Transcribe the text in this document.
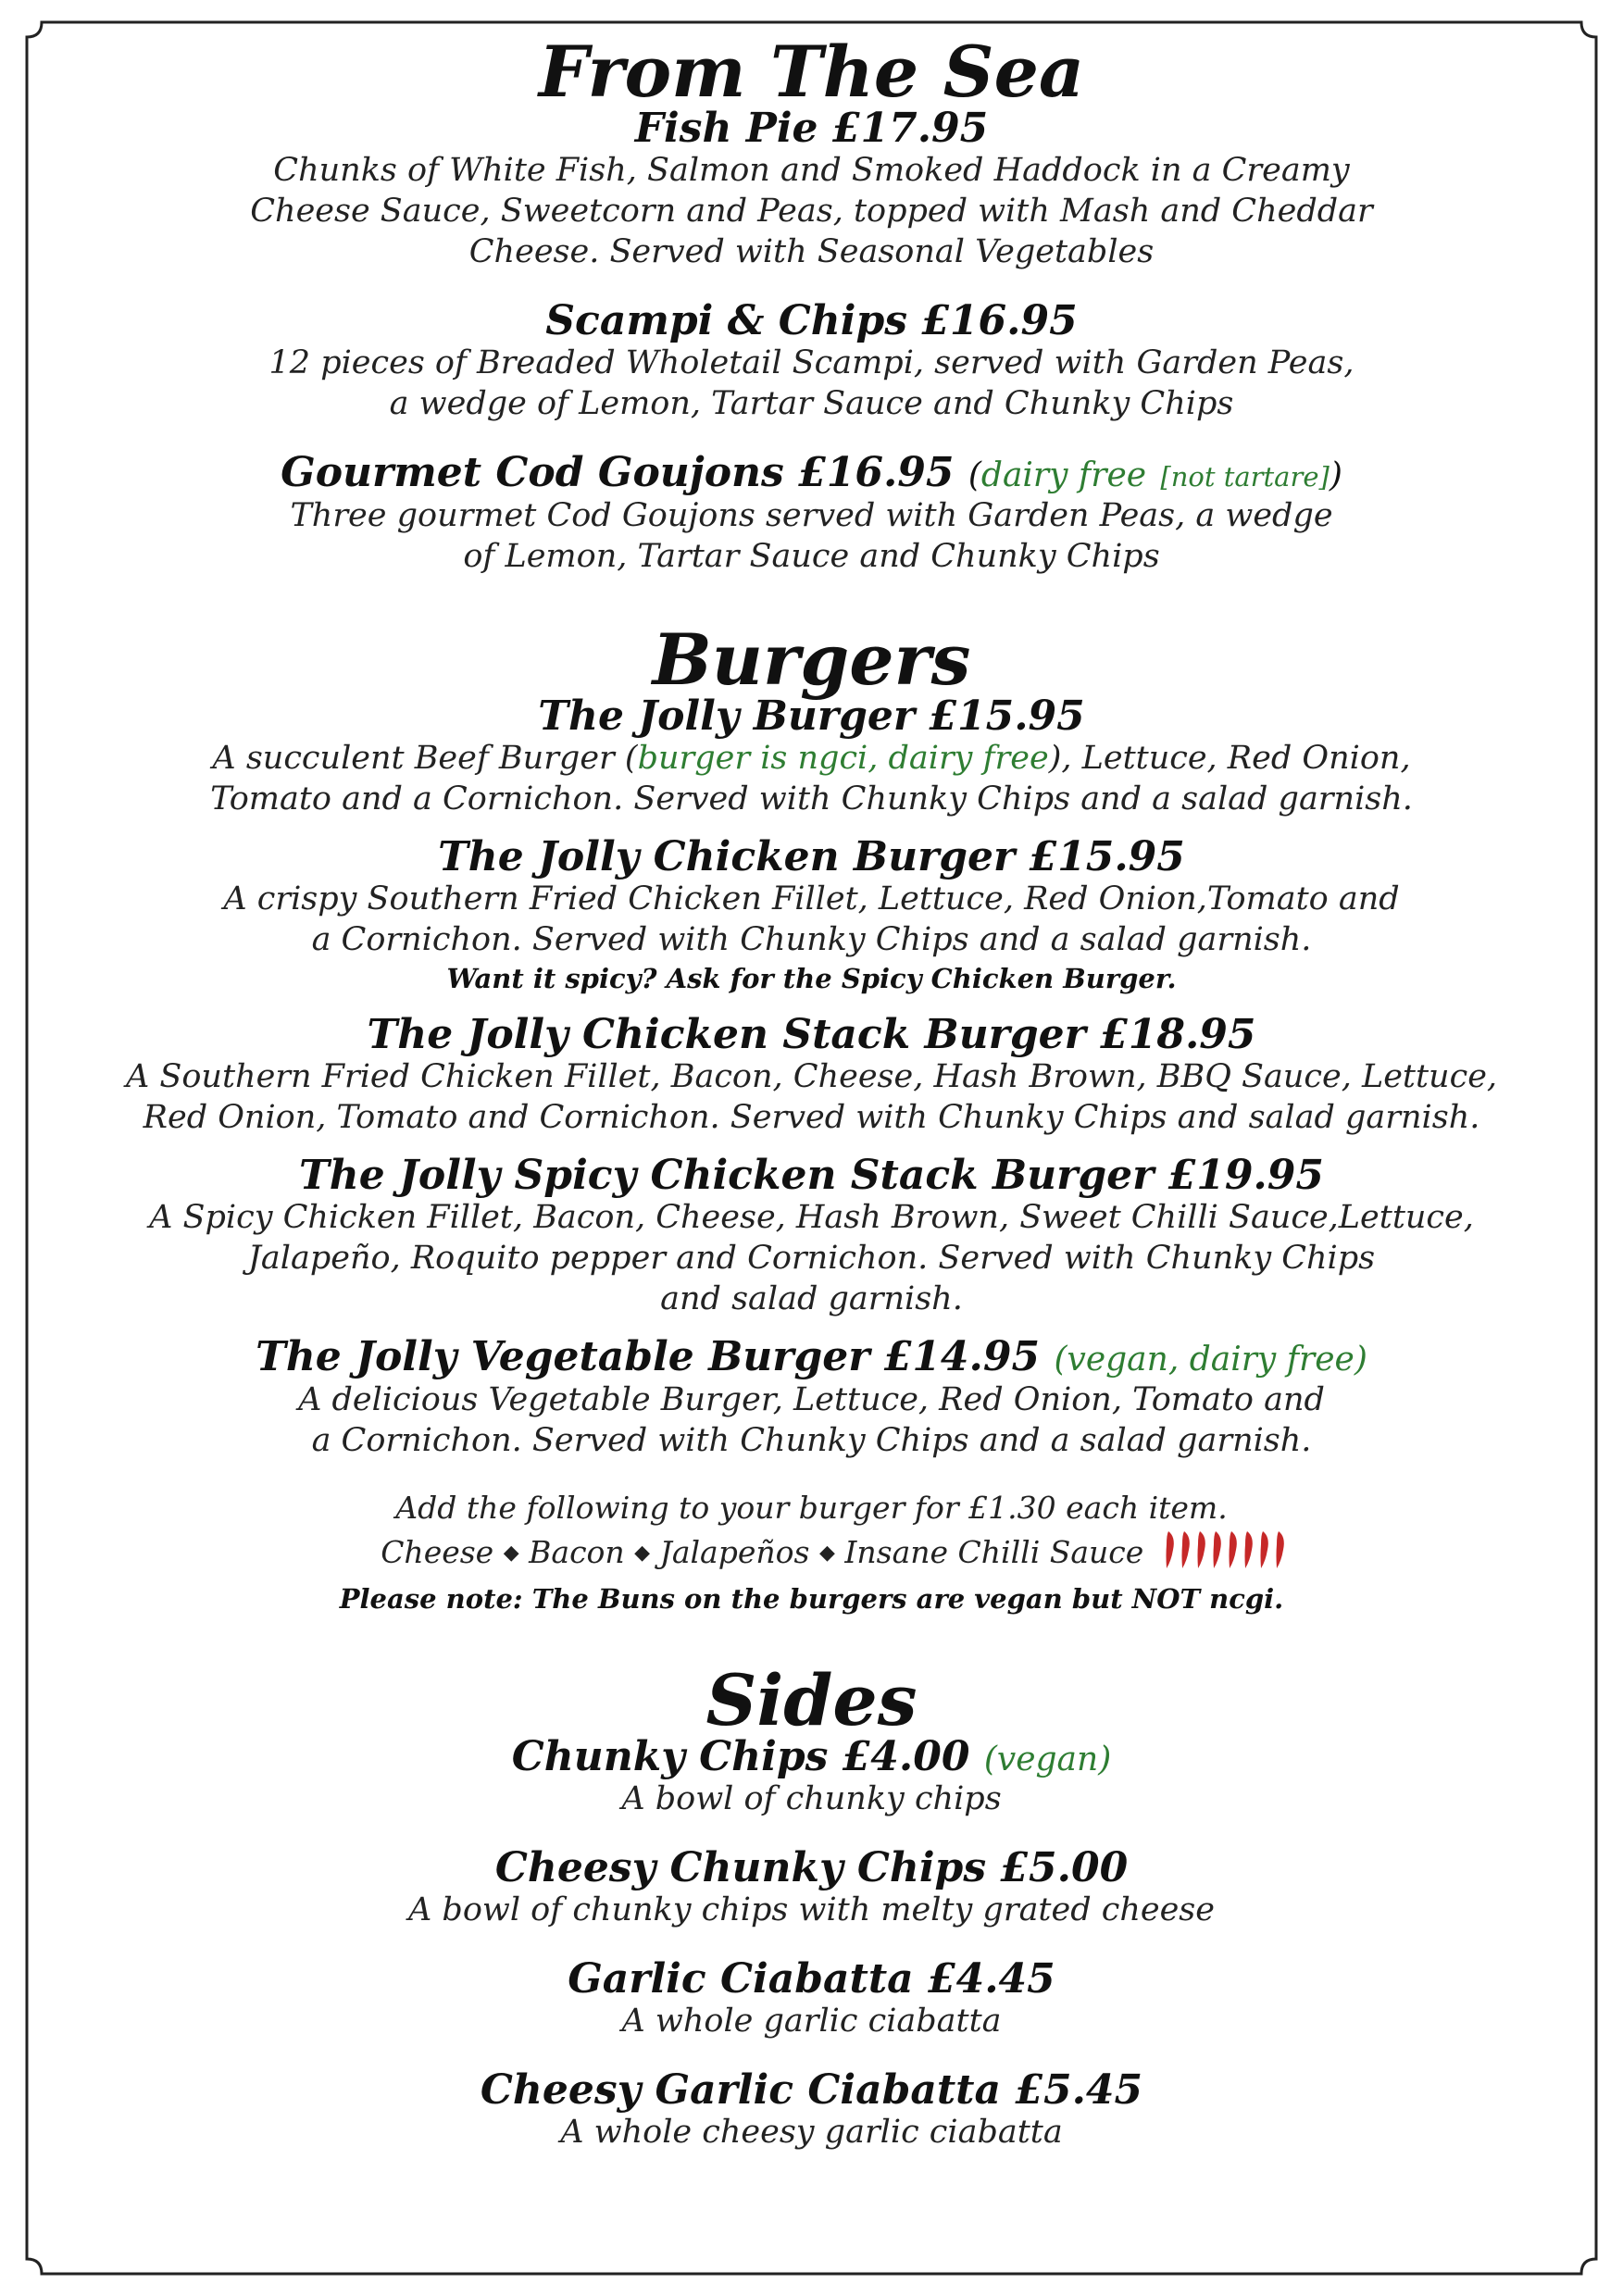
From The Sea

Fish Pie £17.95

Chunks of White Fish, Salmon and Smoked Haddock in a Creamy

Cheese Sauce, Sweetcorn and Peas, topped with Mash and Cheddar

Cheese. Served with Seasonal Vegetables

Scampi & Chips £16.95

12 pieces of Breaded Wholetail Scampi, served with Garden Peas,

a wedge of Lemon, Tartar Sauce and Chunky Chips

Gourmet Cod Goujons £16.95 (dairy free [not tartare])

Three gourmet Cod Goujons served with Garden Peas, a wedge

of Lemon, Tartar Sauce and Chunky Chips

Burgers

The Jolly Burger £15.95

A succulent Beef Burger (burger is ngci, dairy free), Lettuce, Red Onion,

Tomato and a Cornichon. Served with Chunky Chips and a salad garnish.

The Jolly Chicken Burger £15.95

A crispy Southern Fried Chicken Fillet, Lettuce, Red Onion,Tomato and

a Cornichon. Served with Chunky Chips and a salad garnish.

Want it spicy? Ask for the Spicy Chicken Burger.

The Jolly Chicken Stack Burger £18.95

A Southern Fried Chicken Fillet, Bacon, Cheese, Hash Brown, BBQ Sauce, Lettuce,

Red Onion, Tomato and Cornichon. Served with Chunky Chips and salad garnish.

The Jolly Spicy Chicken Stack Burger £19.95

A Spicy Chicken Fillet, Bacon, Cheese, Hash Brown, Sweet Chilli Sauce,Lettuce,

Jalapeño, Roquito pepper and Cornichon. Served with Chunky Chips

and salad garnish.

The Jolly Vegetable Burger £14.95 (vegan, dairy free)

A delicious Vegetable Burger, Lettuce, Red Onion, Tomato and

a Cornichon. Served with Chunky Chips and a salad garnish.

Add the following to your burger for £1.30 each item.

Cheese ◆ Bacon ◆ Jalapeños ◆ Insane Chilli Sauce

Please note: The Buns on the burgers are vegan but NOT ncgi.

Sides

Chunky Chips £4.00 (vegan)

A bowl of chunky chips

Cheesy Chunky Chips £5.00

A bowl of chunky chips with melty grated cheese

Garlic Ciabatta £4.45

A whole garlic ciabatta

Cheesy Garlic Ciabatta £5.45

A whole cheesy garlic ciabatta
